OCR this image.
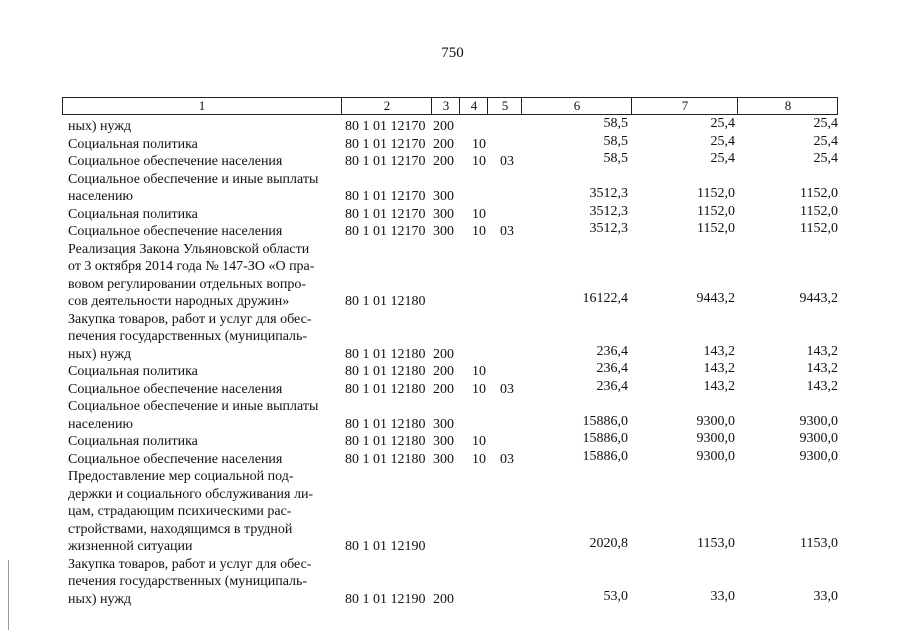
750
1	2	3	4	5	6	7	8
ных) нужд	80 1 01 12170 200	58,5	25,4	25,4
Социальная политика	80 1 01 12170 200 10	58,5	25,4	25,4
Социальное обеспечение населения	80 1 01 12170 200 10 03	58,5	25,4	25,4
Социальное обеспечение и иные выплаты
населению	80 1 01 12170 300	3512,3	1152,0	1152,0
Социальная политика	80 1 01 12170 300 10	3512,3	1152,0	1152,0
Социальное обеспечение населения	80 1 01 12170 300 10 03	3512,3	1152,0	1152,0
Реализация Закона Ульяновской области
от 3 октября 2014 года № 147-ЗО «О пра-
вовом регулировании отдельных вопро-
сов деятельности народных дружин»	80 1 01 12180	16122,4	9443,2	9443,2
Закупка товаров, работ и услуг для обес-
печения государственных (муниципаль-
ных) нужд	80 1 01 12180 200	236,4	143,2	143,2
Социальная политика	80 1 01 12180 200 10	236,4	143,2	143,2
Социальное обеспечение населения	80 1 01 12180 200 10 03	236,4	143,2	143,2
Социальное обеспечение и иные выплаты
населению	80 1 01 12180 300	15886,0	9300,0	9300,0
Социальная политика	80 1 01 12180 300 10	15886,0	9300,0	9300,0
Социальное обеспечение населения	80 1 01 12180 300 10 03	15886,0	9300,0	9300,0
Предоставление мер социальной под-
держки и социального обслуживания ли-
цам, страдающим психическими рас-
стройствами, находящимся в трудной
жизненной ситуации	80 1 01 12190	2020,8	1153,0	1153,0
Закупка товаров, работ и услуг для обес-
печения государственных (муниципаль-
ных) нужд	80 1 01 12190 200	53,0	33,0	33,0
